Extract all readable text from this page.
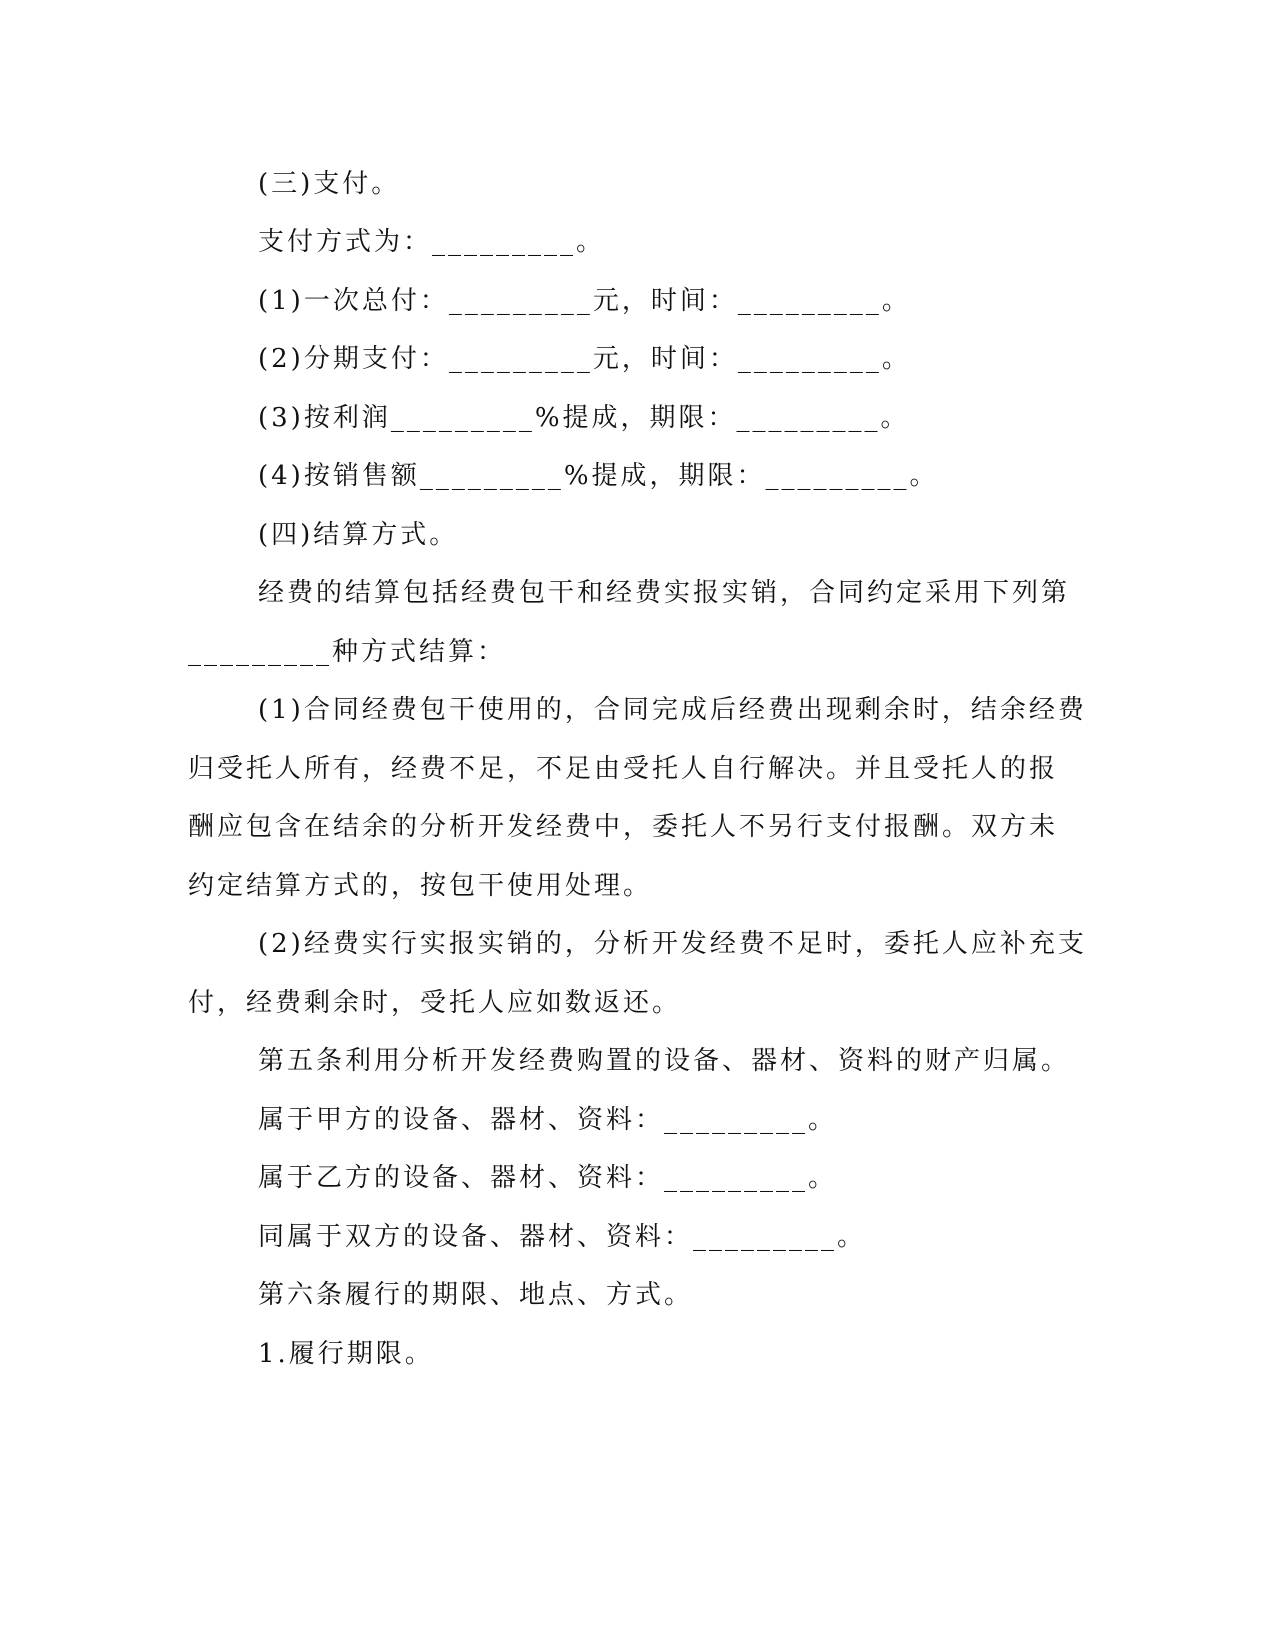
(三)支付。
支付方式为：_________。
(1)一次总付：_________元，时间：_________。
(2)分期支付：_________元，时间：_________。
(3)按利润_________%提成，期限：_________。
(4)按销售额_________%提成，期限：_________。
(四)结算方式。
经费的结算包括经费包干和经费实报实销，合同约定采用下列第
_________种方式结算：
(1)合同经费包干使用的，合同完成后经费出现剩余时，结余经费
归受托人所有，经费不足，不足由受托人自行解决。并且受托人的报
酬应包含在结余的分析开发经费中，委托人不另行支付报酬。双方未
约定结算方式的，按包干使用处理。
(2)经费实行实报实销的，分析开发经费不足时，委托人应补充支
付，经费剩余时，受托人应如数返还。
第五条利用分析开发经费购置的设备、器材、资料的财产归属。
属于甲方的设备、器材、资料：_________。
属于乙方的设备、器材、资料：_________。
同属于双方的设备、器材、资料：_________。
第六条履行的期限、地点、方式。
1.履行期限。
